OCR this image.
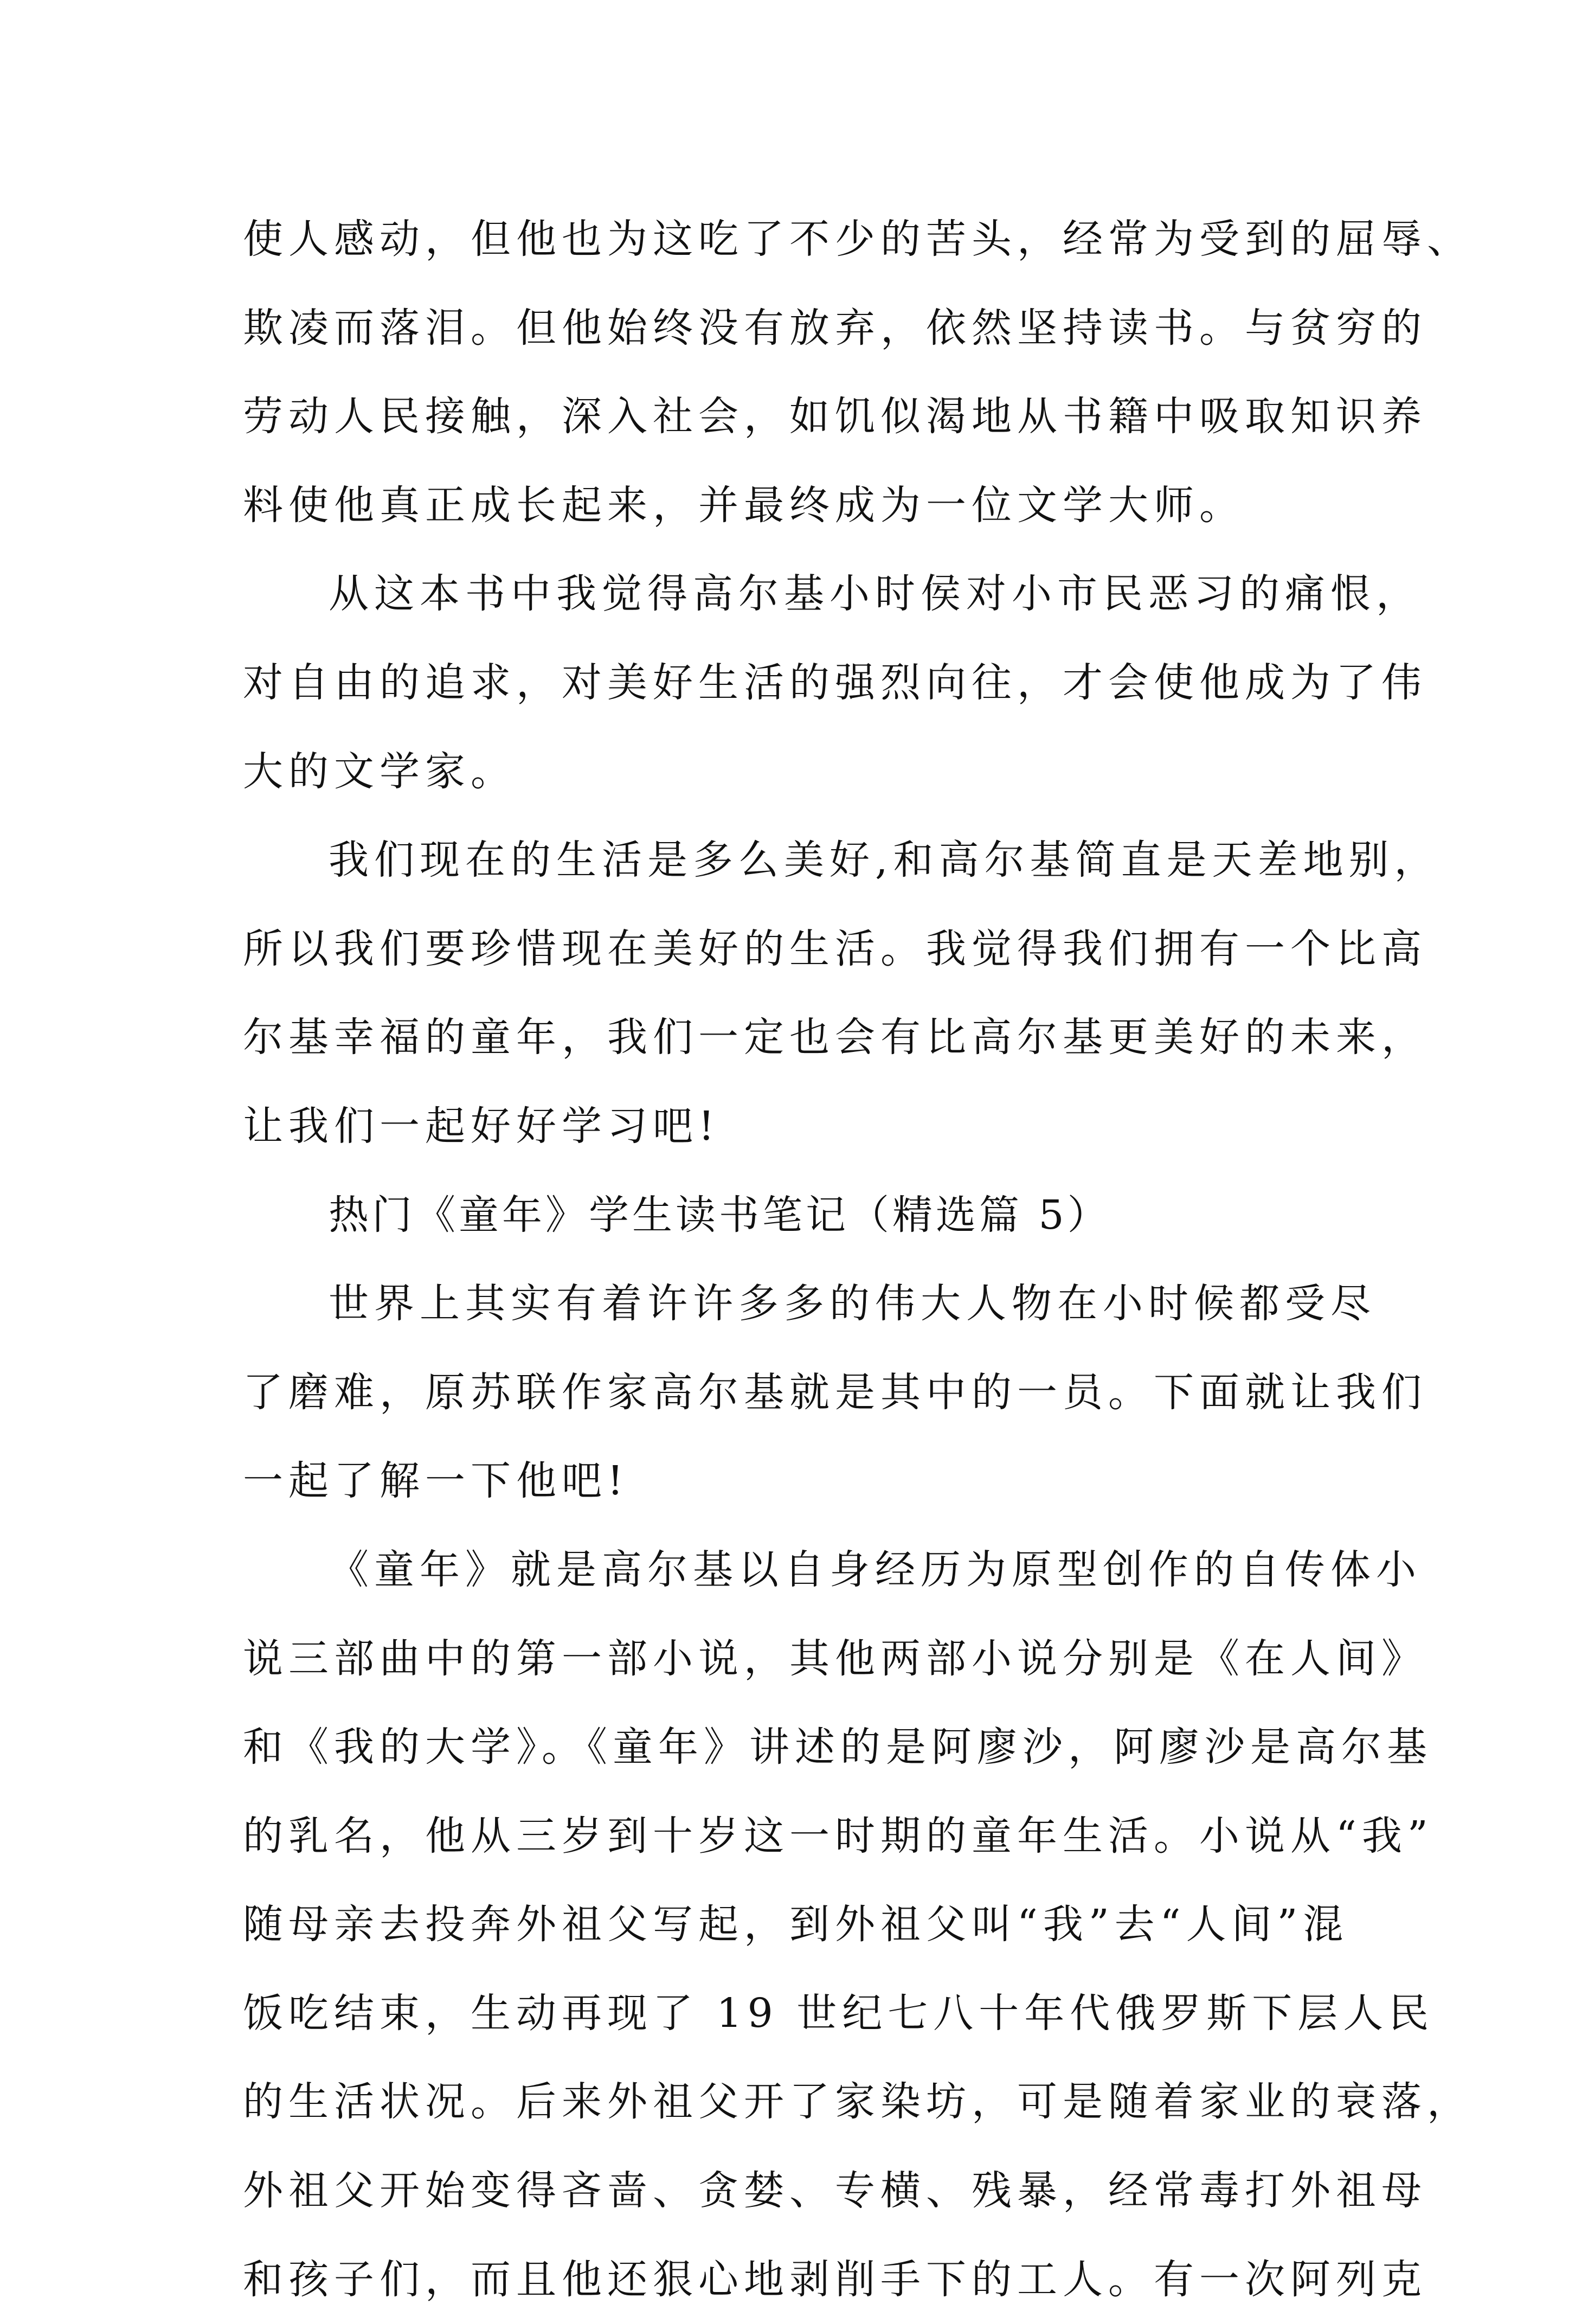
使人感动，但他也为这吃了不少的苦头，经常为受到的屈辱、
欺凌而落泪。但他始终没有放弃，依然坚持读书。与贫穷的
劳动人民接触，深入社会，如饥似渴地从书籍中吸取知识养
料使他真正成长起来，并最终成为一位文学大师。
从这本书中我觉得高尔基小时侯对小市民恶习的痛恨，
对自由的追求，对美好生活的强烈向往，才会使他成为了伟
大的文学家。
我们现在的生活是多么美好,和高尔基简直是天差地别，
所以我们要珍惜现在美好的生活。我觉得我们拥有一个比高
尔基幸福的童年，我们一定也会有比高尔基更美好的未来，
让我们一起好好学习吧!
热门《童年》学生读书笔记（精选篇 5）
世界上其实有着许许多多的伟大人物在小时候都受尽
了磨难，原苏联作家高尔基就是其中的一员。下面就让我们
一起了解一下他吧!
《童年》就是高尔基以自身经历为原型创作的自传体小
说三部曲中的第一部小说，其他两部小说分别是《在人间》
和《我的大学》。《童年》讲述的是阿廖沙，阿廖沙是高尔基
的乳名，他从三岁到十岁这一时期的童年生活。小说从“我”
随母亲去投奔外祖父写起，到外祖父叫“我”去“人间”混
饭吃结束，生动再现了 19 世纪七八十年代俄罗斯下层人民
的生活状况。后来外祖父开了家染坊，可是随着家业的衰落，
外祖父开始变得吝啬、贪婪、专横、残暴，经常毒打外祖母
和孩子们，而且他还狠心地剥削手下的工人。有一次阿列克
